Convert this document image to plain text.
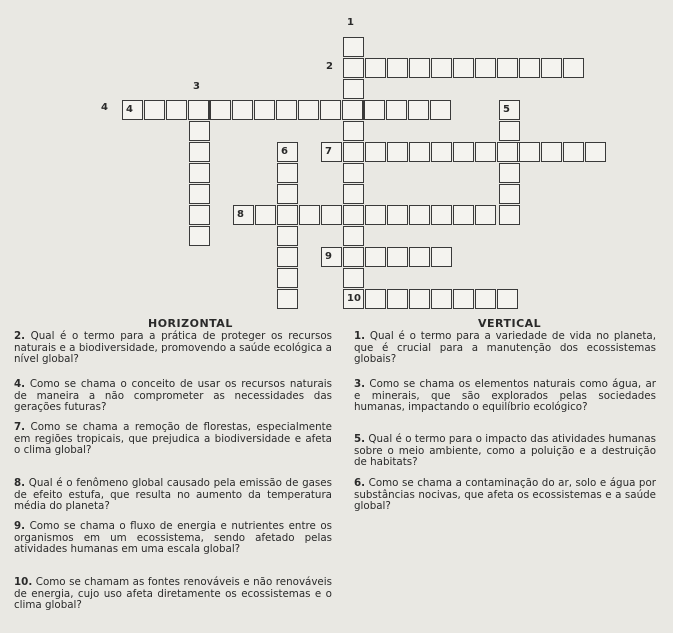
10
4	5
6	7
8
9
1
2
3
4
HORIZONTAL	VERTICAL
2. Qual é o termo para a prática de proteger os recursos naturais e a biodiversidade, promovendo a saúde ecológica a nível global?
4. Como se chama o conceito de usar os recursos naturais de maneira a não comprometer as necessidades das gerações futuras?
7. Como se chama a remoção de florestas, especialmente em regiões tropicais, que prejudica a biodiversidade e afeta o clima global?
8. Qual é o fenômeno global causado pela emissão de gases de efeito estufa, que resulta no aumento da temperatura média do planeta?
9. Como se chama o fluxo de energia e nutrientes entre os organismos em um ecossistema, sendo afetado pelas atividades humanas em uma escala global?
10. Como se chamam as fontes renováveis e não renováveis de energia, cujo uso afeta diretamente os ecossistemas e o clima global?
1. Qual é o termo para a variedade de vida no planeta, que é crucial para a manutenção dos ecossistemas globais?
3. Como se chama os elementos naturais como água, ar e minerais, que são explorados pelas sociedades humanas, impactando o equilíbrio ecológico?
5. Qual é o termo para o impacto das atividades humanas sobre o meio ambiente, como a poluição e a destruição de habitats?
6. Como se chama a contaminação do ar, solo e água por substâncias nocivas, que afeta os ecossistemas e a saúde global?
